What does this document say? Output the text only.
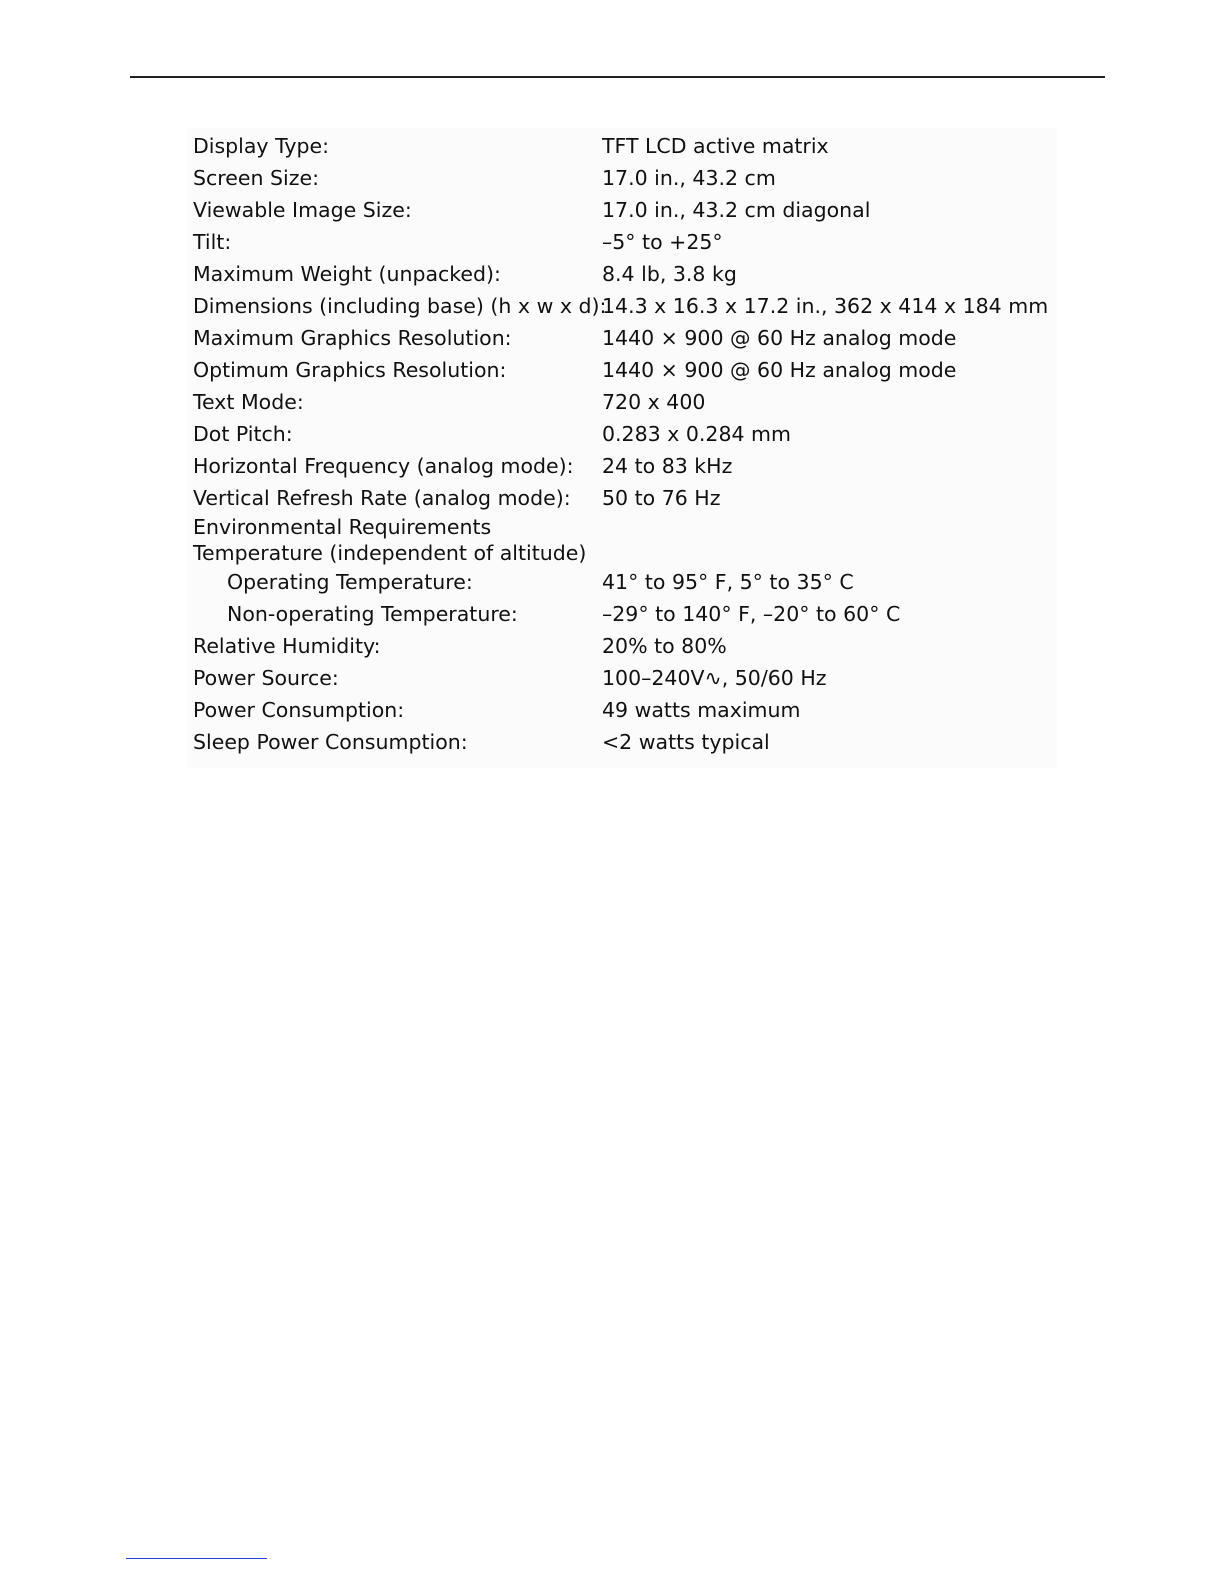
Display Type:	TFT LCD active matrix
Screen Size:	17.0 in., 43.2 cm
Viewable Image Size:	17.0 in., 43.2 cm diagonal
Tilt:	–5° to +25°
Maximum Weight (unpacked):	8.4 lb, 3.8 kg
Dimensions (including base) (h x w x d):
14.3 x 16.3 x 17.2 in., 362 x 414 x 184 mm
Maximum Graphics Resolution:	1440 × 900 @ 60 Hz analog mode
Optimum Graphics Resolution:	1440 × 900 @ 60 Hz analog mode
Text Mode:	720 x 400
Dot Pitch:	0.283 x 0.284 mm
Horizontal Frequency (analog mode): 24 to 83 kHz
Vertical Refresh Rate (analog mode): 50 to 76 Hz
Environmental Requirements
Temperature (independent of altitude)
Operating Temperature:	41° to 95° F, 5° to 35° C
Non-operating Temperature:	–29° to 140° F, –20° to 60° C
Relative Humidity:	20% to 80%
Power Source:	100–240V∿, 50/60 Hz
Power Consumption:	49 watts maximum
Sleep Power Consumption:	<2 watts typical
